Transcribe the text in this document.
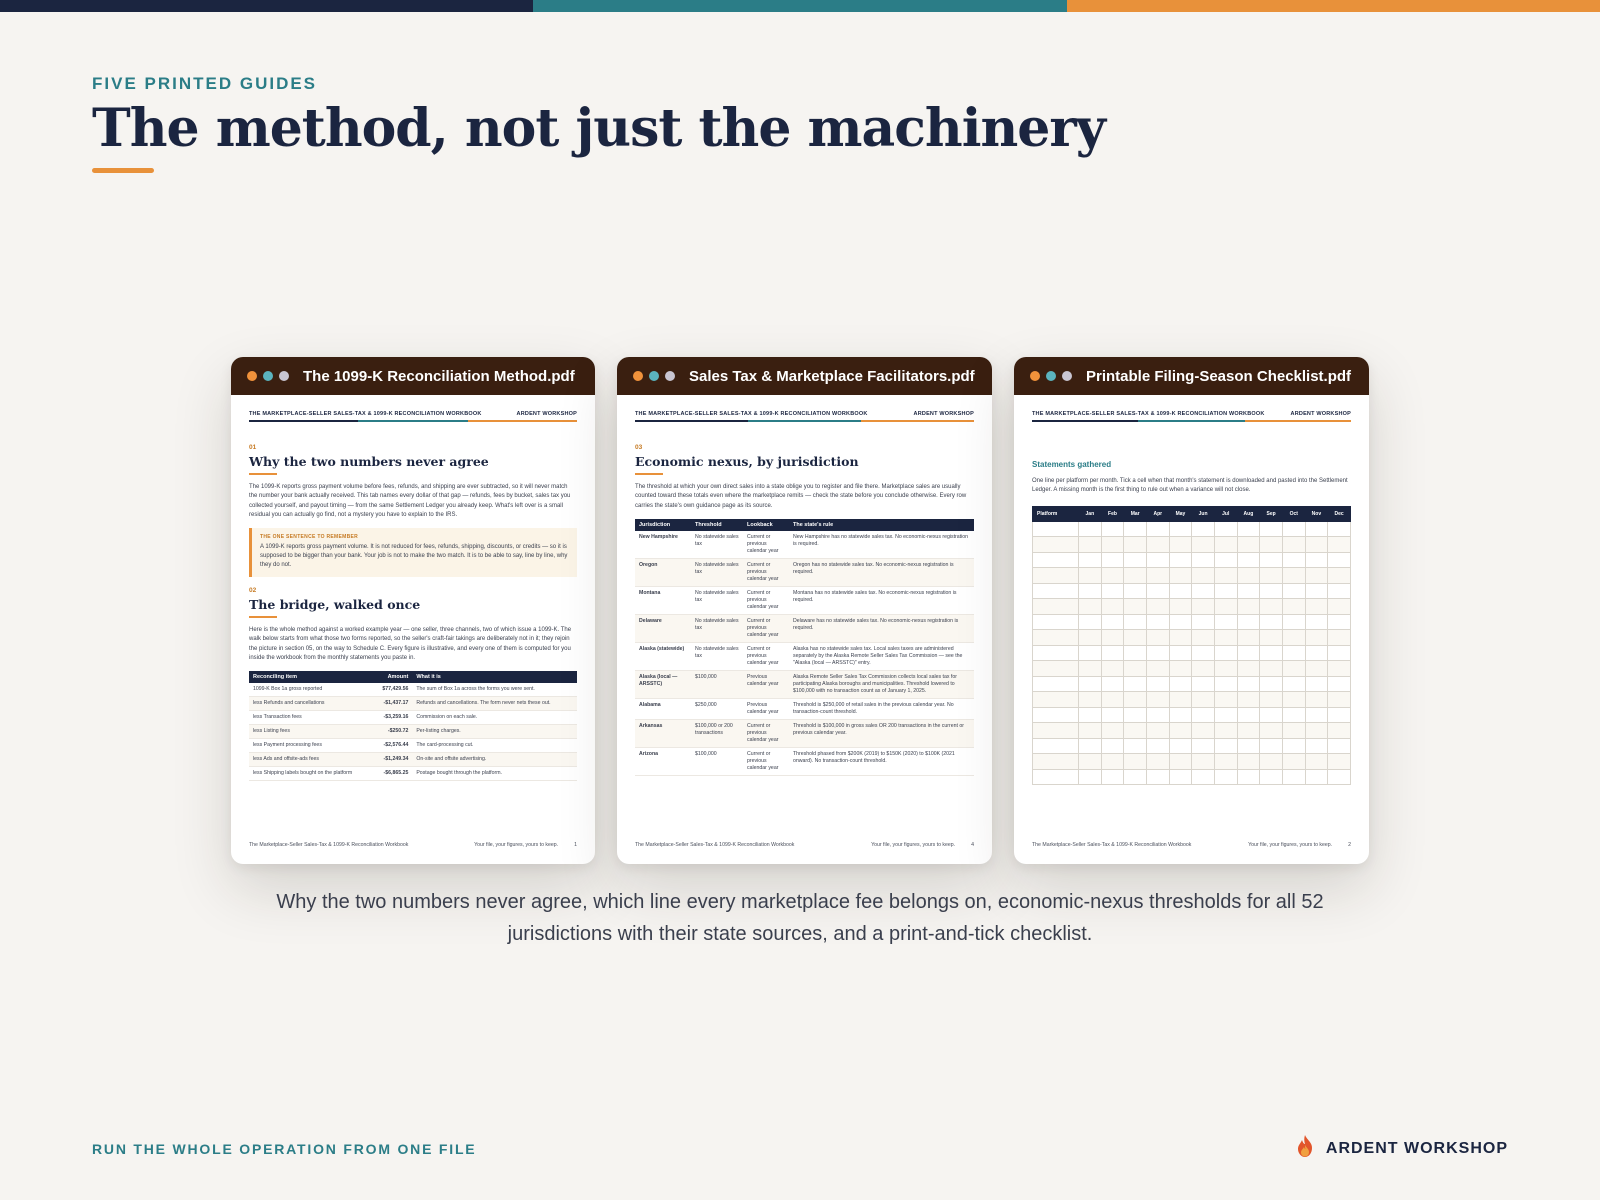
FIVE PRINTED GUIDES
The method, not just the machinery
The 1099-K Reconciliation Method.pdf
THE MARKETPLACE-SELLER SALES-TAX & 1099-K RECONCILIATION WORKBOOK	ARDENT WORKSHOP
01
Why the two numbers never agree
The 1099-K reports gross payment volume before fees, refunds, and shipping are ever subtracted, so it will never match the number your bank actually received. This tab names every dollar of that gap — refunds, fees by bucket, sales tax you collected yourself, and payout timing — from the same Settlement Ledger you already keep. What's left over is a small residual you can actually go find, not a mystery you have to explain to the IRS.
THE ONE SENTENCE TO REMEMBER
A 1099-K reports gross payment volume. It is not reduced for fees, refunds, shipping, discounts, or credits — so it is supposed to be bigger than your bank. Your job is not to make the two match. It is to be able to say, line by line, why they do not.
02
The bridge, walked once
Here is the whole method against a worked example year — one seller, three channels, two of which issue a 1099-K. The walk below starts from what those two forms reported, so the seller's craft-fair takings are deliberately not in it; they rejoin the picture in section 05, on the way to Schedule C. Every figure is illustrative, and every one of them is computed for you inside the workbook from the monthly statements you paste in.
Reconciling item	Amount	What it is
1099-K Box 1a gross reported	$77,429.56	The sum of Box 1a across the forms you were sent.
less Refunds and cancellations	-$1,437.17	Refunds and cancellations. The form never nets these out.
less Transaction fees	-$3,259.16	Commission on each sale.
less Listing fees	-$250.72	Per-listing charges.
less Payment processing fees	-$2,576.44	The card-processing cut.
less Ads and offsite-ads fees	-$1,249.34	On-site and offsite advertising.
less Shipping labels bought on the platform	-$6,865.25	Postage bought through the platform.
The Marketplace-Seller Sales-Tax & 1099-K Reconciliation Workbook	Your file, your figures, yours to keep.	1
Sales Tax & Marketplace Facilitators.pdf
THE MARKETPLACE-SELLER SALES-TAX & 1099-K RECONCILIATION WORKBOOK	ARDENT WORKSHOP
03
Economic nexus, by jurisdiction
The threshold at which your own direct sales into a state oblige you to register and file there. Marketplace sales are usually counted toward these totals even where the marketplace remits — check the state before you conclude otherwise. Every row carries the state's own guidance page as its source.
Jurisdiction	Threshold	Lookback	The state's rule
New Hampshire	No statewide sales tax	Current or previous calendar year	New Hampshire has no statewide sales tax. No economic-nexus registration is required.
Oregon	No statewide sales tax	Current or previous calendar year	Oregon has no statewide sales tax. No economic-nexus registration is required.
Montana	No statewide sales tax	Current or previous calendar year	Montana has no statewide sales tax. No economic-nexus registration is required.
Delaware	No statewide sales tax	Current or previous calendar year	Delaware has no statewide sales tax. No economic-nexus registration is required.
Alaska (statewide)	No statewide sales tax	Current or previous calendar year	Alaska has no statewide sales tax. Local sales taxes are administered separately by the Alaska Remote Seller Sales Tax Commission — see the "Alaska (local — ARSSTC)" entry.
Alaska (local — ARSSTC)	$100,000	Previous calendar year	Alaska Remote Seller Sales Tax Commission collects local sales tax for participating Alaska boroughs and municipalities. Threshold lowered to $100,000 with no transaction count as of January 1, 2025.
Alabama	$250,000	Previous calendar year	Threshold is $250,000 of retail sales in the previous calendar year. No transaction-count threshold.
Arkansas	$100,000 or 200 transactions	Current or previous calendar year	Threshold is $100,000 in gross sales OR 200 transactions in the current or previous calendar year.
Arizona	$100,000	Current or previous calendar year	Threshold phased from $200K (2019) to $150K (2020) to $100K (2021 onward). No transaction-count threshold.
The Marketplace-Seller Sales-Tax & 1099-K Reconciliation Workbook	Your file, your figures, yours to keep.	4
Printable Filing-Season Checklist.pdf
THE MARKETPLACE-SELLER SALES-TAX & 1099-K RECONCILIATION WORKBOOK	ARDENT WORKSHOP
Statements gathered
One line per platform per month. Tick a cell when that month's statement is downloaded and pasted into the Settlement Ledger. A missing month is the first thing to rule out when a variance will not close.
Platform	Jan	Feb	Mar	Apr	May	Jun	Jul	Aug	Sep	Oct	Nov	Dec

The Marketplace-Seller Sales-Tax & 1099-K Reconciliation Workbook	Your file, your figures, yours to keep.	2

Why the two numbers never agree, which line every marketplace fee belongs on, economic-nexus thresholds for all 52 jurisdictions with their state sources, and a print-and-tick checklist.

RUN THE WHOLE OPERATION FROM ONE FILE	ARDENT WORKSHOP
